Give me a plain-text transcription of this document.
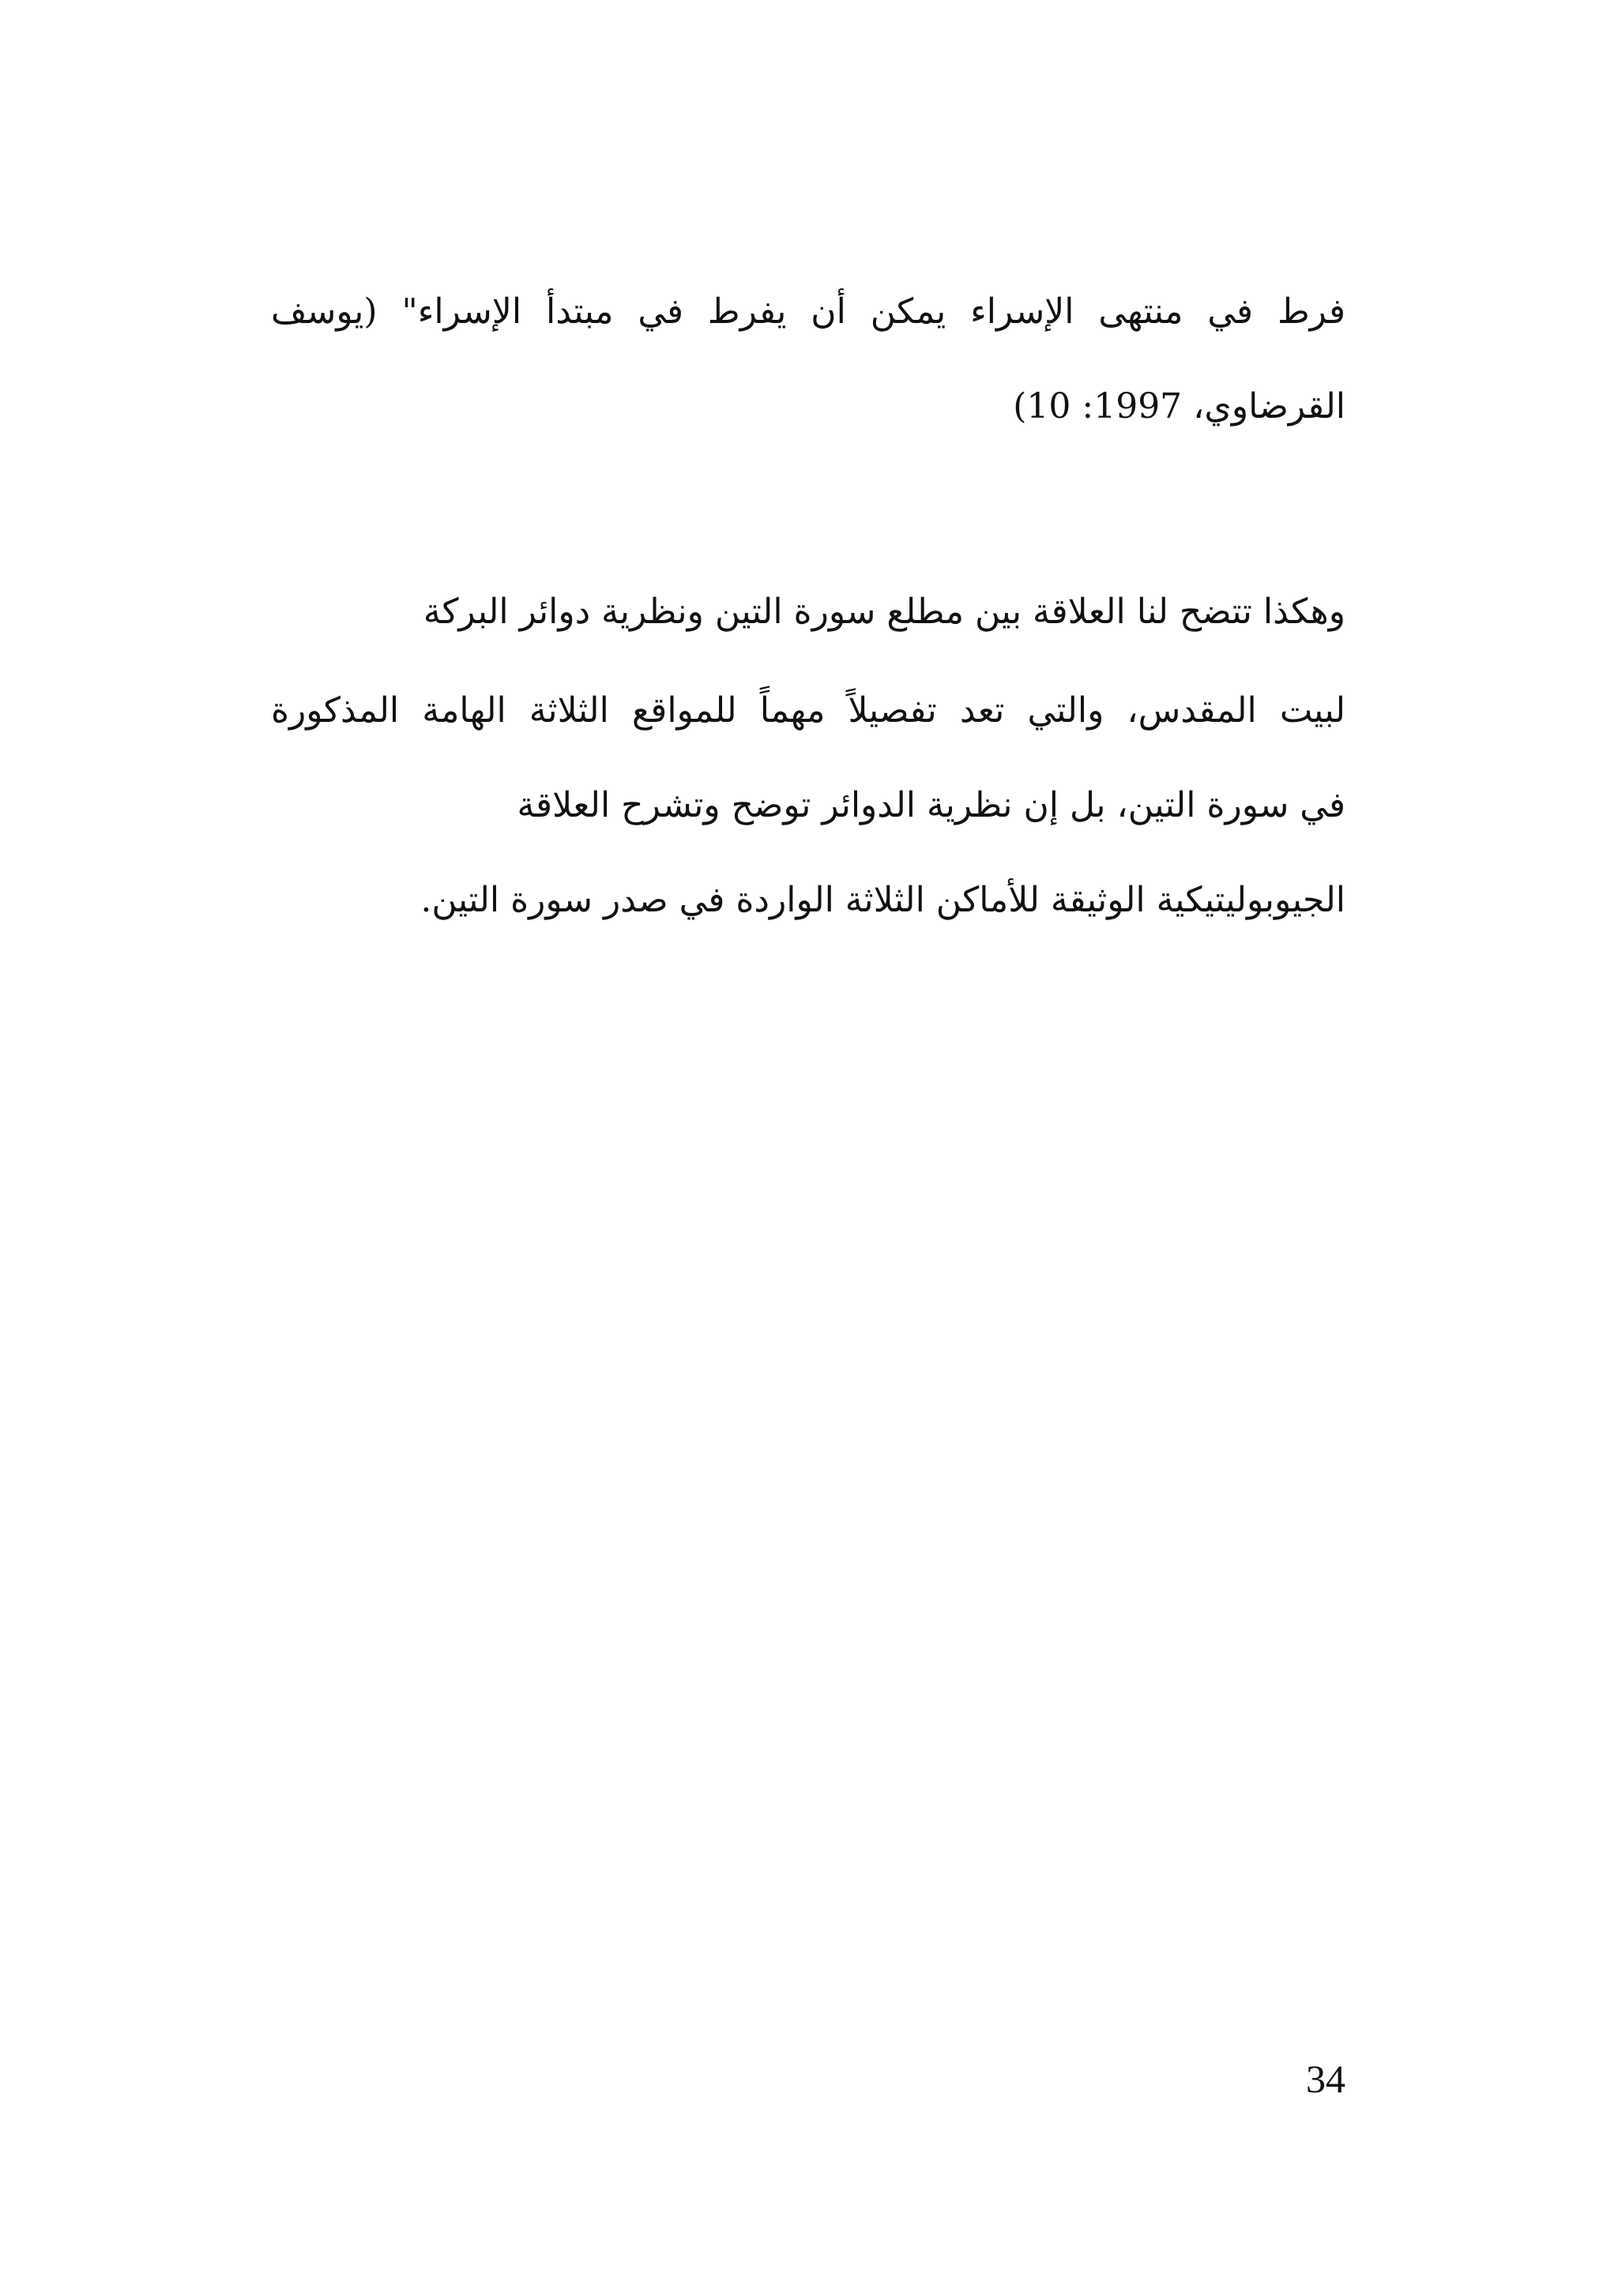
فرط في منتهى الإسراء يمكن أن يفرط في مبتدأ الإسراء" (يوسف

القرضاوي، 1997: 10)

وهكذا تتضح لنا العلاقة بين مطلع سورة التين ونظرية دوائر البركة

لبيت المقدس، والتي تعد تفصيلاً مهماً للمواقع الثلاثة الهامة المذكورة

في سورة التين، بل إن نظرية الدوائر توضح وتشرح العلاقة

الجيوبوليتيكية الوثيقة للأماكن الثلاثة الواردة في صدر سورة التين.

34
